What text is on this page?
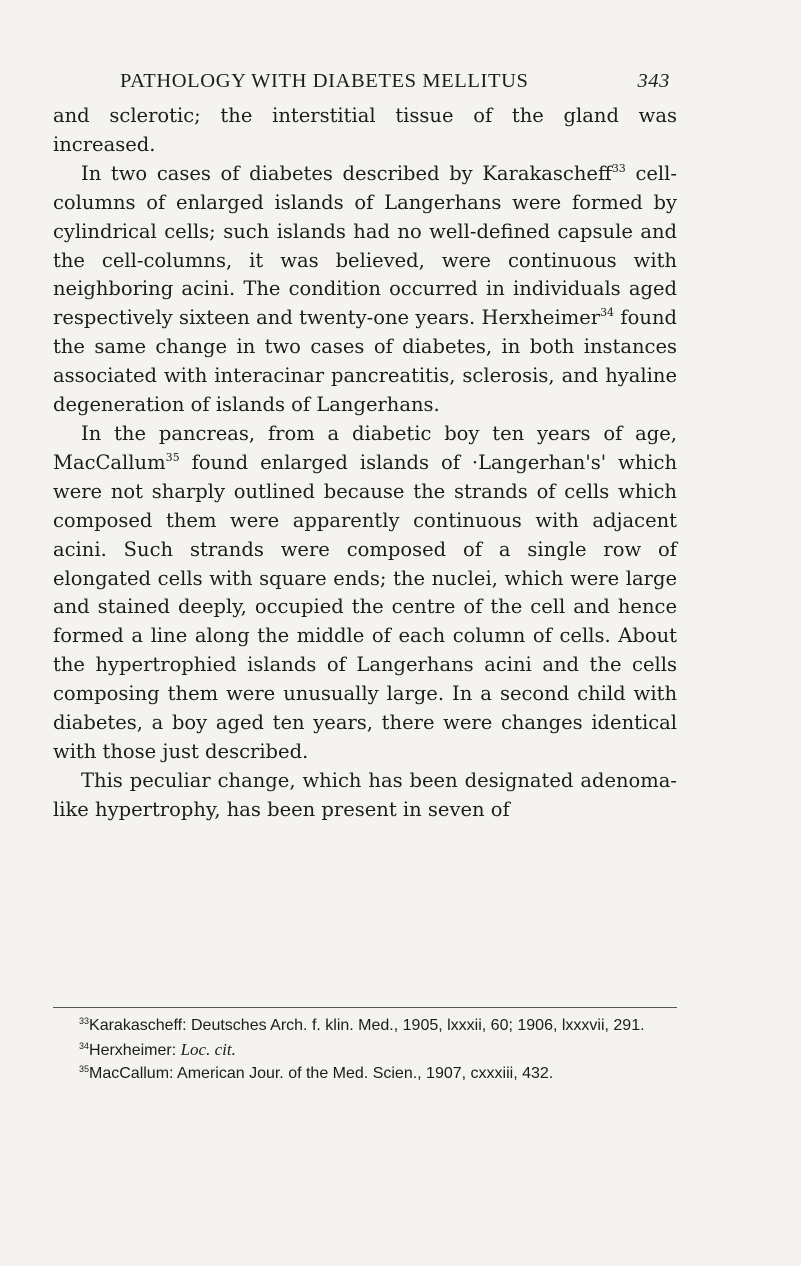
PATHOLOGY WITH DIABETES MELLITUS	343

and sclerotic; the interstitial tissue of the gland was increased.

In two cases of diabetes described by Karakascheff$^{33}$ cell-columns of enlarged islands of Langerhans were formed by cylindrical cells; such islands had no well-defined capsule and the cell-columns, it was believed, were continuous with neighboring acini. The condition occurred in individuals aged respectively sixteen and twenty-one years. Herxheimer$^{34}$ found the same change in two cases of diabetes, in both instances associated with interacinar pancreatitis, sclerosis, and hyaline degeneration of islands of Langerhans.

In the pancreas, from a diabetic boy ten years of age, MacCallum$^{35}$ found enlarged islands of ·Langerhan's' which were not sharply outlined because the strands of cells which composed them were apparently continuous with adjacent acini. Such strands were composed of a single row of elongated cells with square ends; the nuclei, which were large and stained deeply, occupied the centre of the cell and hence formed a line along the middle of each column of cells. About the hypertrophied islands of Langerhans acini and the cells composing them were unusually large. In a second child with diabetes, a boy aged ten years, there were changes identical with those just described.

This peculiar change, which has been designated adenoma-like hypertrophy, has been present in seven of

$^{33}$Karakascheff: Deutsches Arch. f. klin. Med., 1905, lxxxii, 60; 1906, lxxxvii, 291.

$^{34}$Herxheimer: Loc. cit.

$^{35}$MacCallum: American Jour. of the Med. Scien., 1907, cxxxiii, 432.
